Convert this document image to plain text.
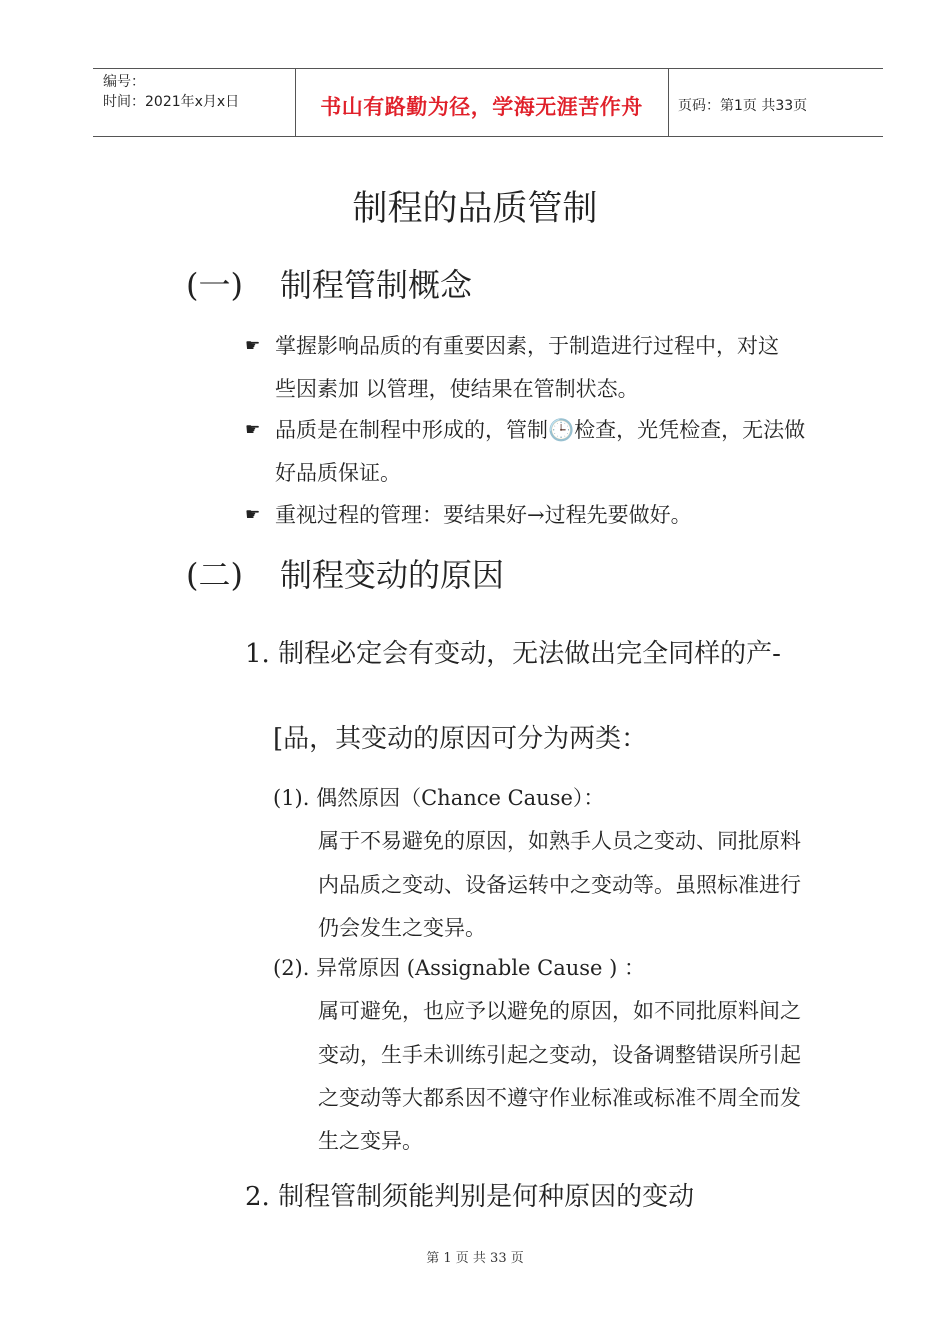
编号：
时间：2021年x月x日	书山有路勤为径，学海无涯苦作舟	页码：第1页 共33页
制程的品质管制
(一) 制程管制概念
☛ 掌握影响品质的有重要因素，于制造进行过程中，对这
些因素加 以管理，使结果在管制状态。
☛ 品质是在制程中形成的，管制🕒检查，光凭检查，无法做
好品质保证。
☛ 重视过程的管理：要结果好→过程先要做好。
(二) 制程变动的原因
1. 制程必定会有变动，无法做出完全同样的产-
[品，其变动的原因可分为两类：
(1). 偶然原因（Chance Cause）：
属于不易避免的原因，如熟手人员之变动、同批原料
内品质之变动、设备运转中之变动等。虽照标准进行
仍会发生之变异。
(2). 异常原因 (Assignable Cause ) ：
属可避免，也应予以避免的原因，如不同批原料间之
变动，生手未训练引起之变动，设备调整错误所引起
之变动等大都系因不遵守作业标准或标准不周全而发
生之变异。
2. 制程管制须能判别是何种原因的变动
第 1 页 共 33 页
